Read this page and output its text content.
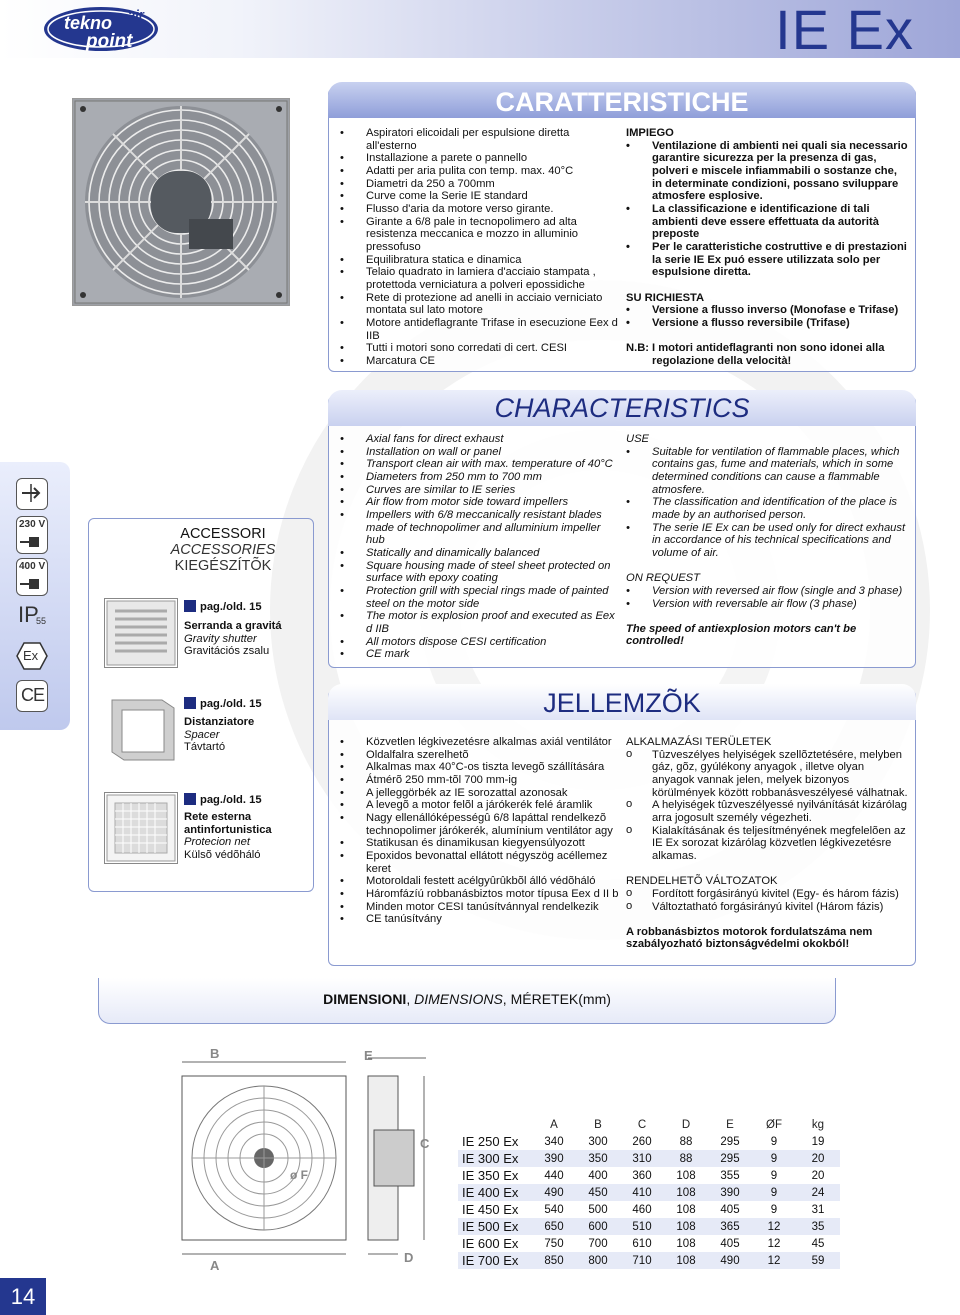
tekno
point
air	IE Ex
CARATTERISTICHE
• Aspiratori elicoidali per espulsione diretta all'esterno
• Installazione a parete o pannello
• Adatti per aria pulita con temp. max. 40°C
• Diametri da 250 a 700mm
• Curve come la Serie IE standard
• Flusso d'aria da motore verso girante.
• Girante a 6/8 pale in tecnopolimero ad alta resistenza meccanica e mozzo in alluminio pressofuso
• Equilibratura statica e dinamica
• Telaio quadrato in lamiera d'acciaio stampata , protettoda verniciatura a polveri epossidiche
• Rete di protezione ad anelli in acciaio verniciato montata sul lato motore
• Motore antideflagrante Trifase in esecuzione Eex d IIB
• Tutti i motori sono corredati di cert. CESI
• Marcatura CE
IMPIEGO
• Ventilazione di ambienti nei quali sia necessario garantire sicurezza per la presenza di gas, polveri e miscele infiammabili o sostanze che, in determinate condizioni, possano sviluppare atmosfere esplosive.
• La classificazione e identificazione di tali ambienti deve essere effettuata da autorità preposte
• Per le caratteristiche costruttive e di prestazioni la serie IE Ex puó essere utilizzata solo per espulsione diretta.
SU RICHIESTA
• Versione a flusso inverso (Monofase e Trifase)
• Versione a flusso reversibile (Trifase)
N.B: I motori antideflagranti non sono idonei alla regolazione della velocità!
CHARACTERISTICS
• Axial fans for direct exhaust
• Installation on wall or panel
• Transport clean air with max. temperature of 40°C
• Diameters from 250 mm to 700 mm
• Curves are similar to IE series
• Air flow from motor side toward impellers
• Impellers with 6/8 meccanically resistant blades made of technopolimer and alluminium impeller hub
• Statically and dinamically balanced
• Square housing made of steel sheet protected on surface with epoxy coating
• Protection grill with special rings made of painted steel on the motor side
• The motor is explosion proof and executed as Eex d IIB
• All motors dispose CESI certification
• CE mark
USE
• Suitable for ventilation of flammable places, which contains gas, fume and materials, which in some determined conditions can cause a flammable atmosfere.
• The classification and identification of the place is made by an authorised person.
• The serie IE Ex can be used only for direct exhaust in accordance of his technical specifications and volume of air.
ON REQUEST
• Version with reversed air flow (single and 3 phase)
• Version with reversable air flow (3 phase)
The speed of antiexplosion motors can't be controlled!
JELLEMZÕK
• Közvetlen légkivezetésre alkalmas axiál ventilátor
• Oldalfalra szerelhetõ
• Alkalmas max 40°C-os tiszta levegõ szállítására
• Átmérõ 250 mm-tõl 700 mm-ig
• A jelleggörbék az IE sorozattal azonosak
• A levegõ a motor felõl a járókerék felé áramlik
• Nagy ellenállóképességû 6/8 lapáttal rendelkezõ technopolimer járókerék, alumínium ventilátor agy
• Statikusan és dinamikusan kiegyensúlyozott
• Epoxidos bevonattal ellátott négyszög acéllemez keret
• Motoroldali festett acélgyûrûkbõl álló védõháló
• Háromfázíú robbanásbiztos motor típusa Eex d II b
• Minden motor CESI tanúsítvánnyal rendelkezik
• CE tanúsítvány
ALKALMAZÁSI TERÜLETEK
o Tûzveszélyes helyiségek szellõztetésére, melyben gáz, gõz, gyúlékony anyagok , illetve olyan anyagok vannak jelen, melyek bizonyos körülmények között robbanásveszélyesé válhatnak.
o A helyiségek tûzveszélyessé nyilvánítását kizárólag arra jogosult személy végezheti.
o Kialakításának és teljesítményének megfelelõen az IE Ex sorozat kizárólag közvetlen légkivezetésre alkamas.
RENDELHETÕ VÁLTOZATOK
o Fordított forgásirányú kivitel (Egy- és három fázis)
o Változtatható forgásirányú kivitel (Három fázis)
A robbanásbiztos motorok fordulatszáma nem szabályozható biztonságvédelmi okokból!
230 V
400 V
IP
55
Ex
CE
ACCESSORI
ACCESSORIES
KIEGÉSZÍTÕK
pag./old. 15
Serranda a gravitá
Gravity shutter
Gravitációs zsalu
pag./old. 15
Distanziatore
Spacer
Távtartó
pag./old. 15
Rete esterna antinfortunistica
Protecion net
Külsõ védõháló
DIMENSIONI, DIMENSIONS, MÉRETEK(mm)
B	E
C
ø F
A
D
	A	B	C	D	E	ØF	kg
IE 250 Ex	340	300	260	88	295	9	19
IE 300 Ex	390	350	310	88	295	9	20
IE 350 Ex	440	400	360	108	355	9	20
IE 400 Ex	490	450	410	108	390	9	24
IE 450 Ex	540	500	460	108	405	9	31
IE 500 Ex	650	600	510	108	365	12	35
IE 600 Ex	750	700	610	108	405	12	45
IE 700 Ex	850	800	710	108	490	12	59
14
